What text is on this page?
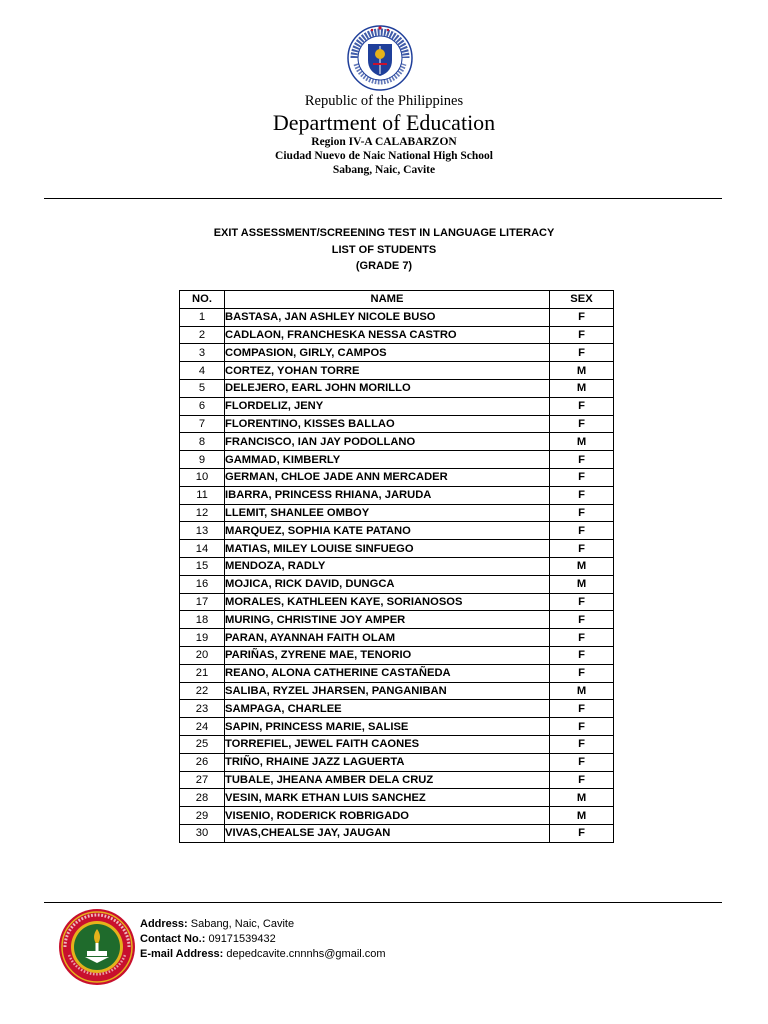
Republic of the Philippines
Department of Education
Region IV-A CALABARZON
Ciudad Nuevo de Naic National High School
Sabang, Naic, Cavite
EXIT ASSESSMENT/SCREENING TEST IN LANGUAGE LITERACY
LIST OF STUDENTS
(GRADE 7)
NO.	NAME	SEX
1	BASTASA, JAN ASHLEY NICOLE BUSO	F
2	CADLAON, FRANCHESKA NESSA CASTRO	F
3	COMPASION, GIRLY, CAMPOS	F
4	CORTEZ, YOHAN TORRE	M
5	DELEJERO, EARL JOHN MORILLO	M
6	FLORDELIZ, JENY	F
7	FLORENTINO, KISSES BALLAO	F
8	FRANCISCO, IAN JAY PODOLLANO	M
9	GAMMAD, KIMBERLY	F
10	GERMAN, CHLOE JADE ANN MERCADER	F
11	IBARRA, PRINCESS RHIANA, JARUDA	F
12	LLEMIT, SHANLEE OMBOY	F
13	MARQUEZ, SOPHIA KATE PATANO	F
14	MATIAS, MILEY LOUISE SINFUEGO	F
15	MENDOZA, RADLY	M
16	MOJICA, RICK DAVID, DUNGCA	M
17	MORALES, KATHLEEN KAYE, SORIANOSOS	F
18	MURING, CHRISTINE JOY AMPER	F
19	PARAN, AYANNAH FAITH OLAM	F
20	PARIÑAS, ZYRENE MAE, TENORIO	F
21	REANO, ALONA CATHERINE CASTAÑEDA	F
22	SALIBA, RYZEL JHARSEN, PANGANIBAN	M
23	SAMPAGA, CHARLEE	F
24	SAPIN, PRINCESS MARIE, SALISE	F
25	TORREFIEL, JEWEL FAITH CAONES	F
26	TRIÑO, RHAINE JAZZ LAGUERTA	F
27	TUBALE, JHEANA AMBER DELA CRUZ	F
28	VESIN, MARK ETHAN LUIS SANCHEZ	M
29	VISENIO, RODERICK ROBRIGADO	M
30	VIVAS,CHEALSE JAY, JAUGAN	F
Address: Sabang, Naic, Cavite
Contact No.: 09171539432
E-mail Address: depedcavite.cnnnhs@gmail.com
